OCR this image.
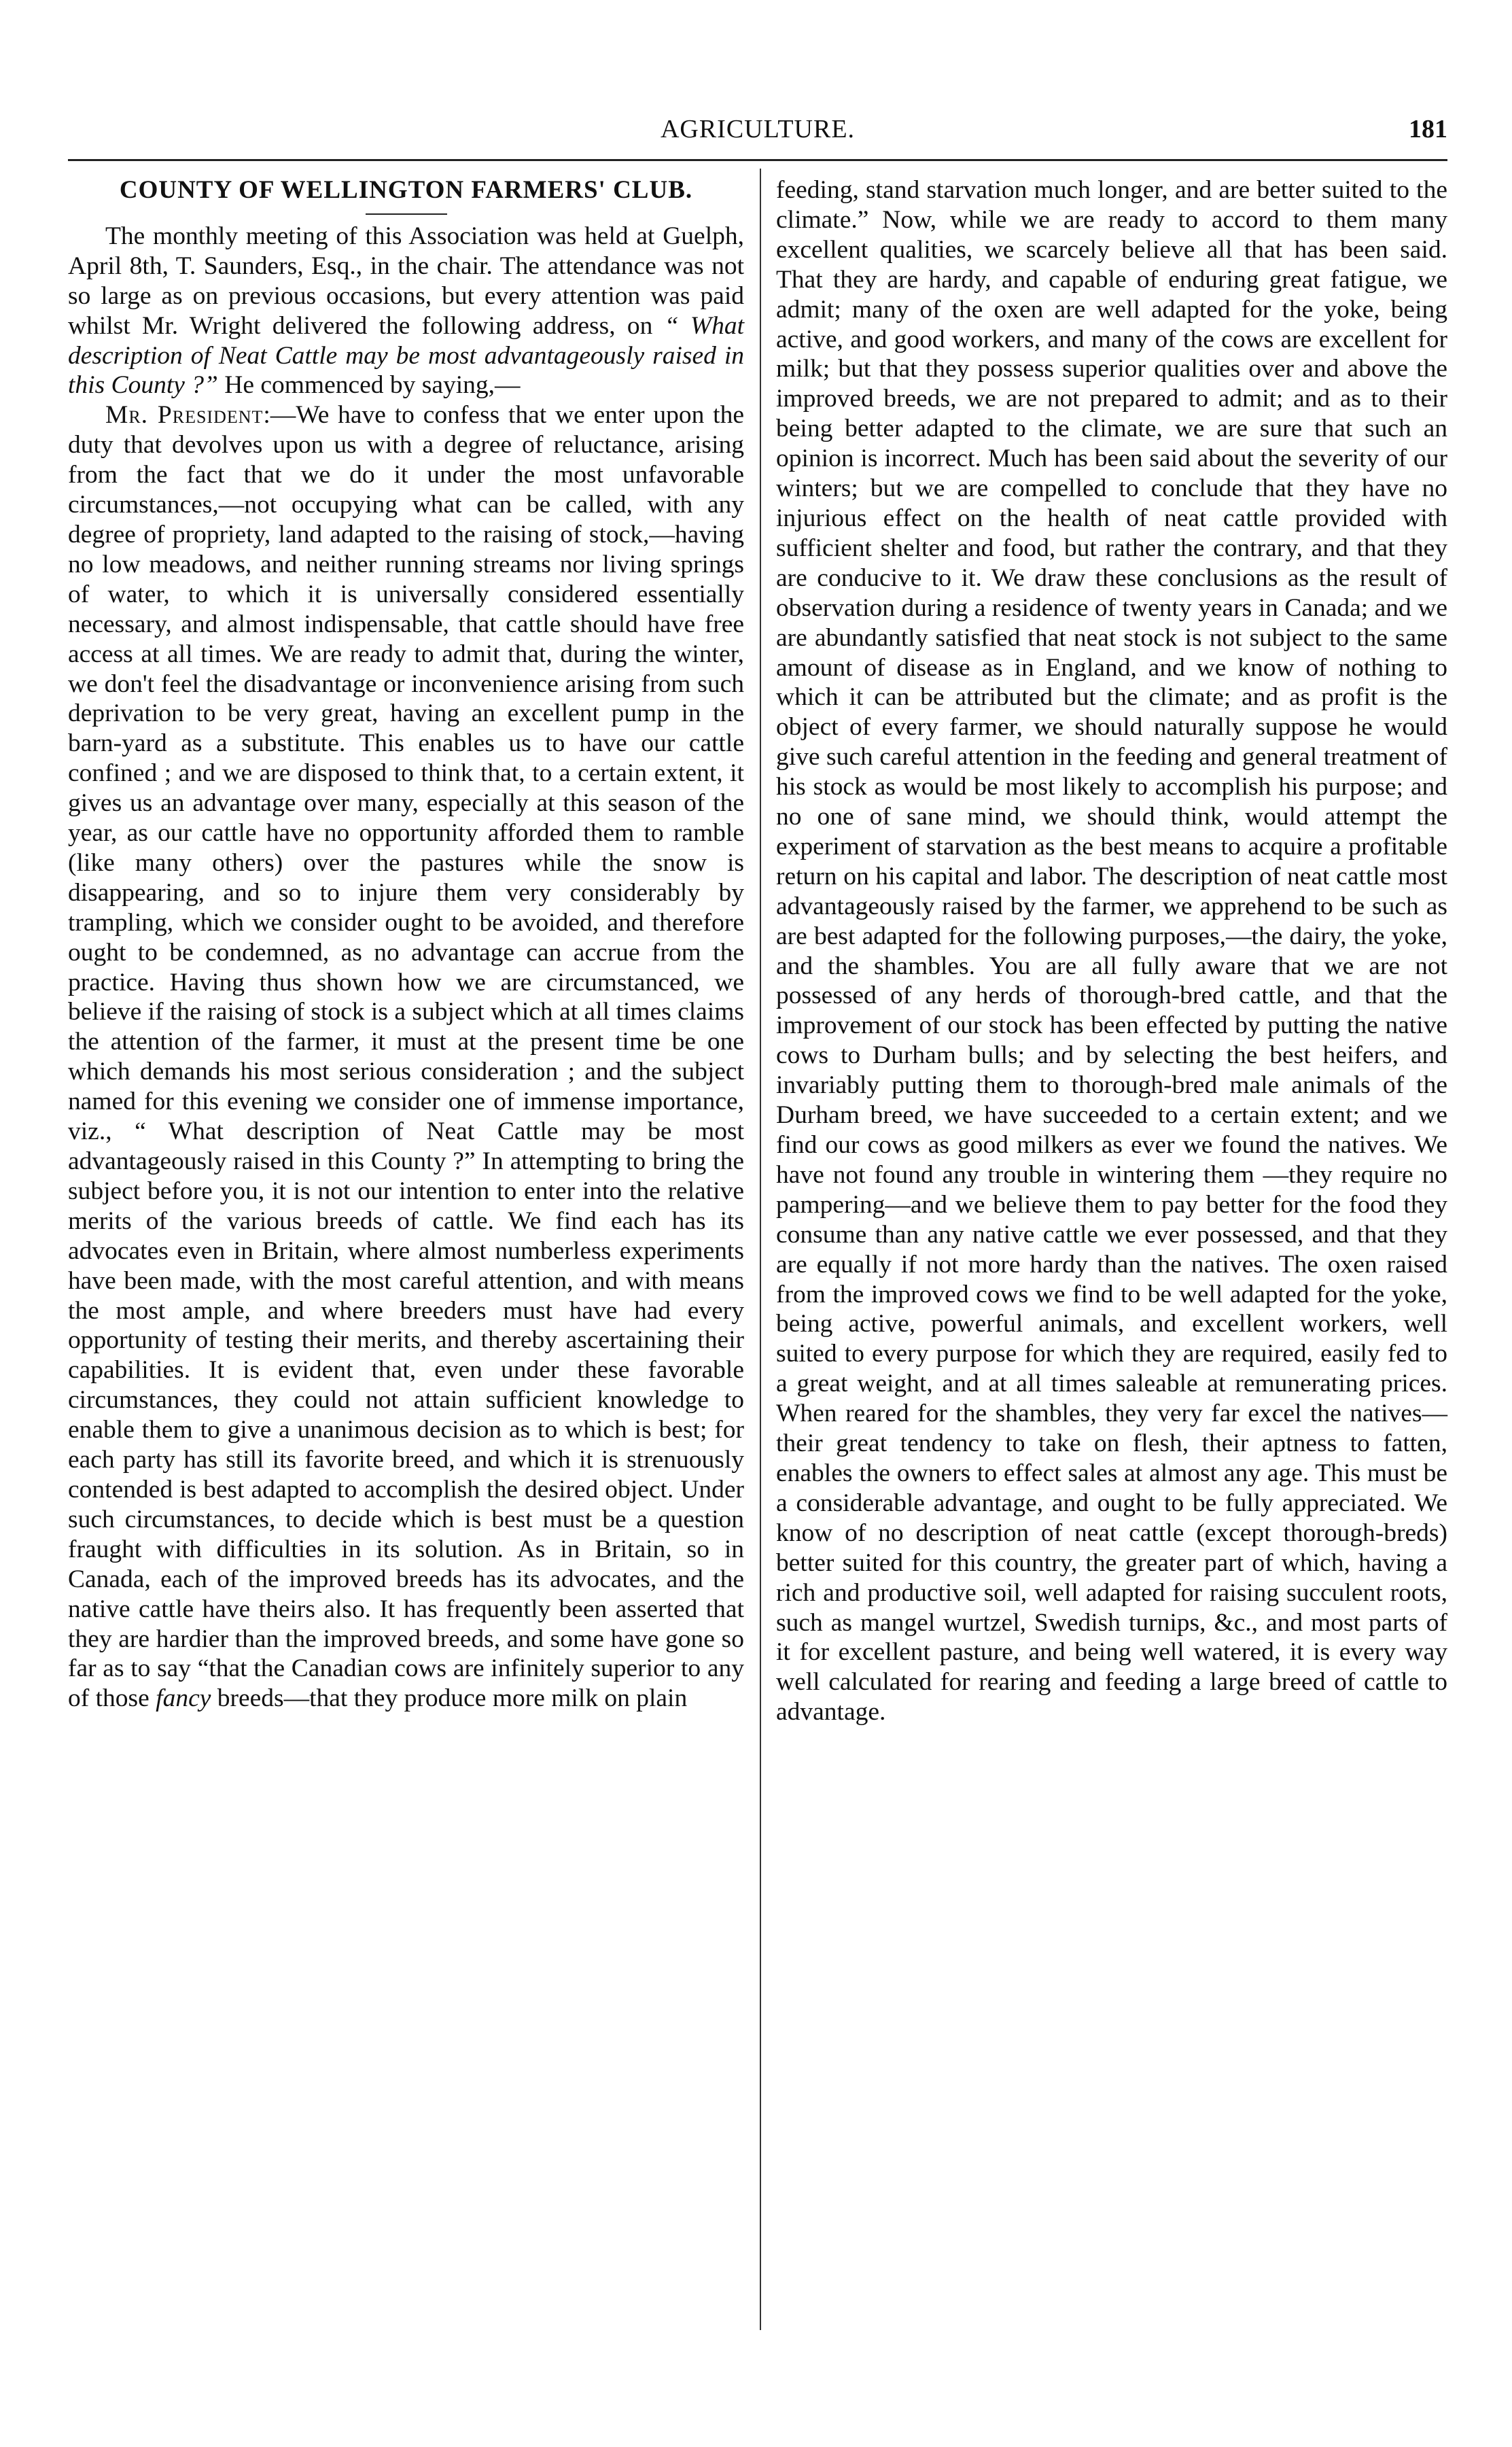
AGRICULTURE.	181
COUNTY OF WELLINGTON FARMERS' CLUB.

The monthly meeting of this Association was held at Guelph, April 8th, T. Saunders, Esq., in the chair. The attendance was not so large as on previous occasions, but every attention was paid whilst Mr. Wright delivered the following address, on “ What description of Neat Cattle may be most advantageously raised in this County ?” He commenced by saying,—

Mr. President:—We have to confess that we enter upon the duty that devolves upon us with a degree of reluctance, arising from the fact that we do it under the most unfavorable circumstances,—not occupying what can be called, with any degree of propriety, land adapted to the raising of stock,—having no low meadows, and neither running streams nor living springs of water, to which it is universally considered essentially necessary, and almost indispensable, that cattle should have free access at all times. We are ready to admit that, during the winter, we don't feel the disadvantage or inconvenience arising from such deprivation to be very great, having an excellent pump in the barn-yard as a substitute. This enables us to have our cattle confined ; and we are disposed to think that, to a certain extent, it gives us an advantage over many, especially at this season of the year, as our cattle have no opportunity afforded them to ramble (like many others) over the pastures while the snow is disappearing, and so to injure them very considerably by trampling, which we consider ought to be avoided, and therefore ought to be condemned, as no advantage can accrue from the practice. Having thus shown how we are circumstanced, we believe if the raising of stock is a subject which at all times claims the attention of the farmer, it must at the present time be one which demands his most serious consideration ; and the subject named for this evening we consider one of immense importance, viz., “ What description of Neat Cattle may be most advantageously raised in this County ?” In attempting to bring the subject before you, it is not our intention to enter into the relative merits of the various breeds of cattle. We find each has its advocates even in Britain, where almost numberless experiments have been made, with the most careful attention, and with means the most ample, and where breeders must have had every opportunity of testing their merits, and thereby ascertaining their capabilities. It is evident that, even under these favorable circumstances, they could not attain sufficient knowledge to enable them to give a unanimous decision as to which is best; for each party has still its favorite breed, and which it is strenuously contended is best adapted to accomplish the desired object. Under such circumstances, to decide which is best must be a question fraught with difficulties in its solution. As in Britain, so in Canada, each of the improved breeds has its advocates, and the native cattle have theirs also. It has frequently been asserted that they are hardier than the improved breeds, and some have gone so far as to say “that the Canadian cows are infinitely superior to any of those fancy breeds—that they produce more milk on plain

feeding, stand starvation much longer, and are better suited to the climate.” Now, while we are ready to accord to them many excellent qualities, we scarcely believe all that has been said. That they are hardy, and capable of enduring great fatigue, we admit; many of the oxen are well adapted for the yoke, being active, and good workers, and many of the cows are excellent for milk; but that they possess superior qualities over and above the improved breeds, we are not prepared to admit; and as to their being better adapted to the climate, we are sure that such an opinion is incorrect. Much has been said about the severity of our winters; but we are compelled to conclude that they have no injurious effect on the health of neat cattle provided with sufficient shelter and food, but rather the contrary, and that they are conducive to it. We draw these conclusions as the result of observation during a residence of twenty years in Canada; and we are abundantly satisfied that neat stock is not subject to the same amount of disease as in England, and we know of nothing to which it can be attributed but the climate; and as profit is the object of every farmer, we should naturally suppose he would give such careful attention in the feeding and general treatment of his stock as would be most likely to accomplish his purpose; and no one of sane mind, we should think, would attempt the experiment of starvation as the best means to acquire a profitable return on his capital and labor. The description of neat cattle most advantageously raised by the farmer, we apprehend to be such as are best adapted for the following purposes,—the dairy, the yoke, and the shambles. You are all fully aware that we are not possessed of any herds of thorough-bred cattle, and that the improvement of our stock has been effected by putting the native cows to Durham bulls; and by selecting the best heifers, and invariably putting them to thorough-bred male animals of the Durham breed, we have succeeded to a certain extent; and we find our cows as good milkers as ever we found the natives. We have not found any trouble in wintering them —they require no pampering—and we believe them to pay better for the food they consume than any native cattle we ever possessed, and that they are equally if not more hardy than the natives. The oxen raised from the improved cows we find to be well adapted for the yoke, being active, powerful animals, and excellent workers, well suited to every purpose for which they are required, easily fed to a great weight, and at all times saleable at remunerating prices. When reared for the shambles, they very far excel the natives—their great tendency to take on flesh, their aptness to fatten, enables the owners to effect sales at almost any age. This must be a considerable advantage, and ought to be fully appreciated. We know of no description of neat cattle (except thorough-breds) better suited for this country, the greater part of which, having a rich and productive soil, well adapted for raising succulent roots, such as mangel wurtzel, Swedish turnips, &c., and most parts of it for excellent pasture, and being well watered, it is every way well calculated for rearing and feeding a large breed of cattle to advantage.
